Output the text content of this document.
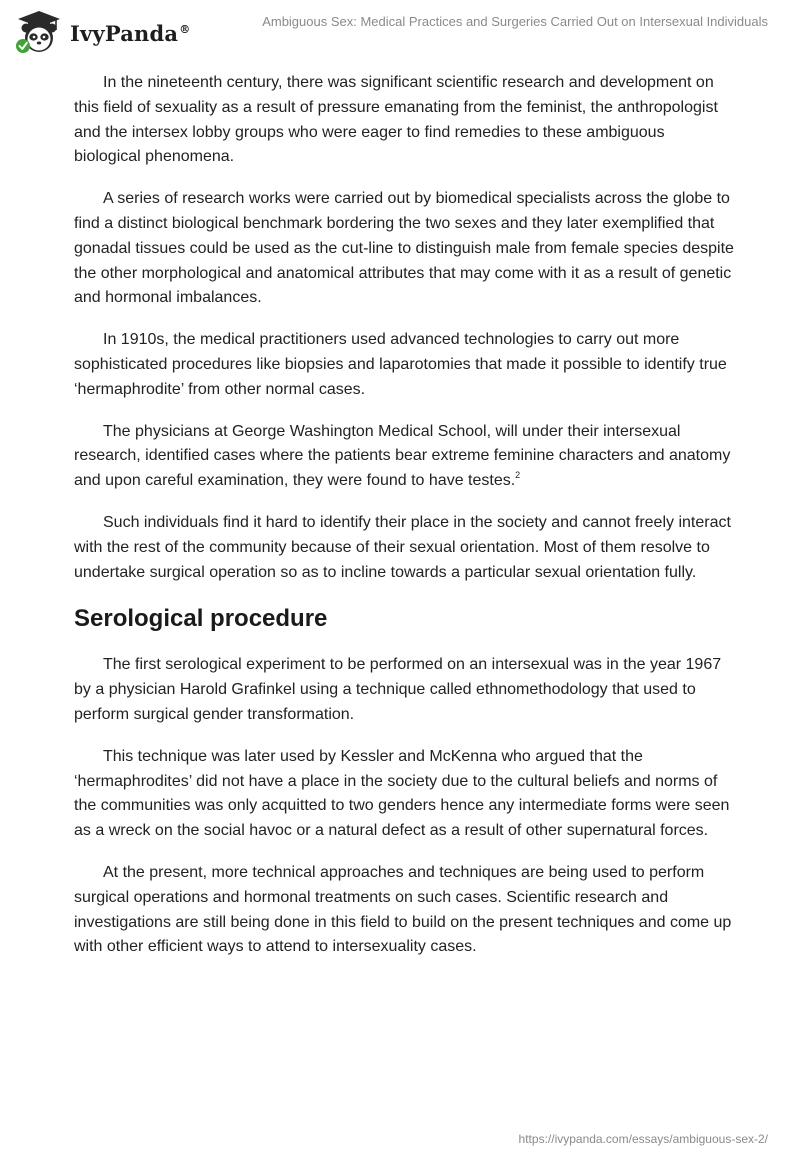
IvyPanda®	Ambiguous Sex: Medical Practices and Surgeries Carried Out on Intersexual Individuals

In the nineteenth century, there was significant scientific research and development on this field of sexuality as a result of pressure emanating from the feminist, the anthropologist and the intersex lobby groups who were eager to find remedies to these ambiguous biological phenomena.

A series of research works were carried out by biomedical specialists across the globe to find a distinct biological benchmark bordering the two sexes and they later exemplified that gonadal tissues could be used as the cut-line to distinguish male from female species despite the other morphological and anatomical attributes that may come with it as a result of genetic and hormonal imbalances.

In 1910s, the medical practitioners used advanced technologies to carry out more sophisticated procedures like biopsies and laparotomies that made it possible to identify true ‘hermaphrodite’ from other normal cases.

The physicians at George Washington Medical School, will under their intersexual research, identified cases where the patients bear extreme feminine characters and anatomy and upon careful examination, they were found to have testes.$^2$

Such individuals find it hard to identify their place in the society and cannot freely interact with the rest of the community because of their sexual orientation. Most of them resolve to undertake surgical operation so as to incline towards a particular sexual orientation fully.

Serological procedure

The first serological experiment to be performed on an intersexual was in the year 1967 by a physician Harold Grafinkel using a technique called ethnomethodology that used to perform surgical gender transformation.

This technique was later used by Kessler and McKenna who argued that the ‘hermaphrodites’ did not have a place in the society due to the cultural beliefs and norms of the communities was only acquitted to two genders hence any intermediate forms were seen as a wreck on the social havoc or a natural defect as a result of other supernatural forces.

At the present, more technical approaches and techniques are being used to perform surgical operations and hormonal treatments on such cases. Scientific research and investigations are still being done in this field to build on the present techniques and come up with other efficient ways to attend to intersexuality cases.

https://ivypanda.com/essays/ambiguous-sex-2/
